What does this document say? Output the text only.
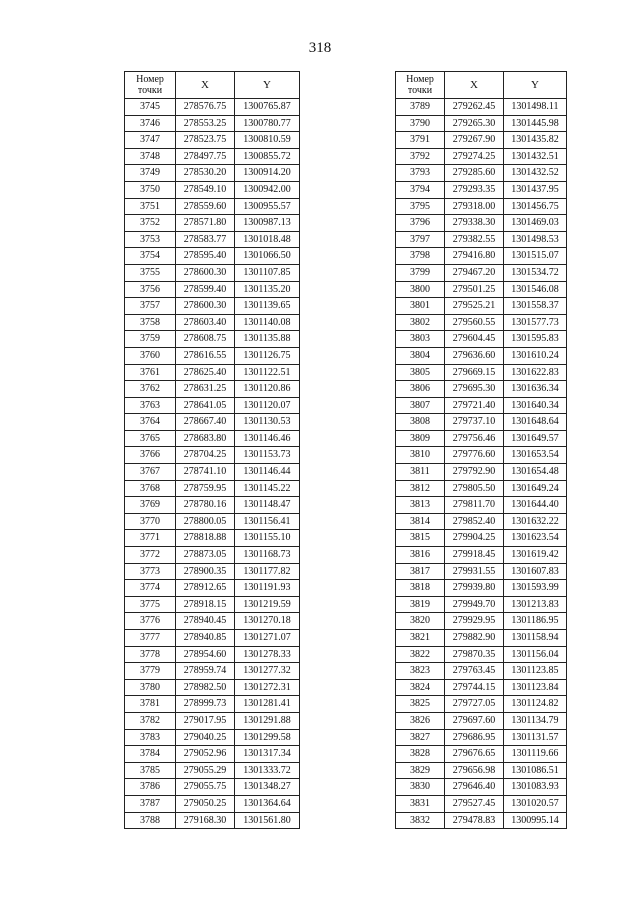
318
Номер
точки	X	Y
3745	278576.75	1300765.87
3746	278553.25	1300780.77
3747	278523.75	1300810.59
3748	278497.75	1300855.72
3749	278530.20	1300914.20
3750	278549.10	1300942.00
3751	278559.60	1300955.57
3752	278571.80	1300987.13
3753	278583.77	1301018.48
3754	278595.40	1301066.50
3755	278600.30	1301107.85
3756	278599.40	1301135.20
3757	278600.30	1301139.65
3758	278603.40	1301140.08
3759	278608.75	1301135.88
3760	278616.55	1301126.75
3761	278625.40	1301122.51
3762	278631.25	1301120.86
3763	278641.05	1301120.07
3764	278667.40	1301130.53
3765	278683.80	1301146.46
3766	278704.25	1301153.73
3767	278741.10	1301146.44
3768	278759.95	1301145.22
3769	278780.16	1301148.47
3770	278800.05	1301156.41
3771	278818.88	1301155.10
3772	278873.05	1301168.73
3773	278900.35	1301177.82
3774	278912.65	1301191.93
3775	278918.15	1301219.59
3776	278940.45	1301270.18
3777	278940.85	1301271.07
3778	278954.60	1301278.33
3779	278959.74	1301277.32
3780	278982.50	1301272.31
3781	278999.73	1301281.41
3782	279017.95	1301291.88
3783	279040.25	1301299.58
3784	279052.96	1301317.34
3785	279055.29	1301333.72
3786	279055.75	1301348.27
3787	279050.25	1301364.64
3788	279168.30	1301561.80
Номер
точки	X	Y
3789	279262.45	1301498.11
3790	279265.30	1301445.98
3791	279267.90	1301435.82
3792	279274.25	1301432.51
3793	279285.60	1301432.52
3794	279293.35	1301437.95
3795	279318.00	1301456.75
3796	279338.30	1301469.03
3797	279382.55	1301498.53
3798	279416.80	1301515.07
3799	279467.20	1301534.72
3800	279501.25	1301546.08
3801	279525.21	1301558.37
3802	279560.55	1301577.73
3803	279604.45	1301595.83
3804	279636.60	1301610.24
3805	279669.15	1301622.83
3806	279695.30	1301636.34
3807	279721.40	1301640.34
3808	279737.10	1301648.64
3809	279756.46	1301649.57
3810	279776.60	1301653.54
3811	279792.90	1301654.48
3812	279805.50	1301649.24
3813	279811.70	1301644.40
3814	279852.40	1301632.22
3815	279904.25	1301623.54
3816	279918.45	1301619.42
3817	279931.55	1301607.83
3818	279939.80	1301593.99
3819	279949.70	1301213.83
3820	279929.95	1301186.95
3821	279882.90	1301158.94
3822	279870.35	1301156.04
3823	279763.45	1301123.85
3824	279744.15	1301123.84
3825	279727.05	1301124.82
3826	279697.60	1301134.79
3827	279686.95	1301131.57
3828	279676.65	1301119.66
3829	279656.98	1301086.51
3830	279646.40	1301083.93
3831	279527.45	1301020.57
3832	279478.83	1300995.14
